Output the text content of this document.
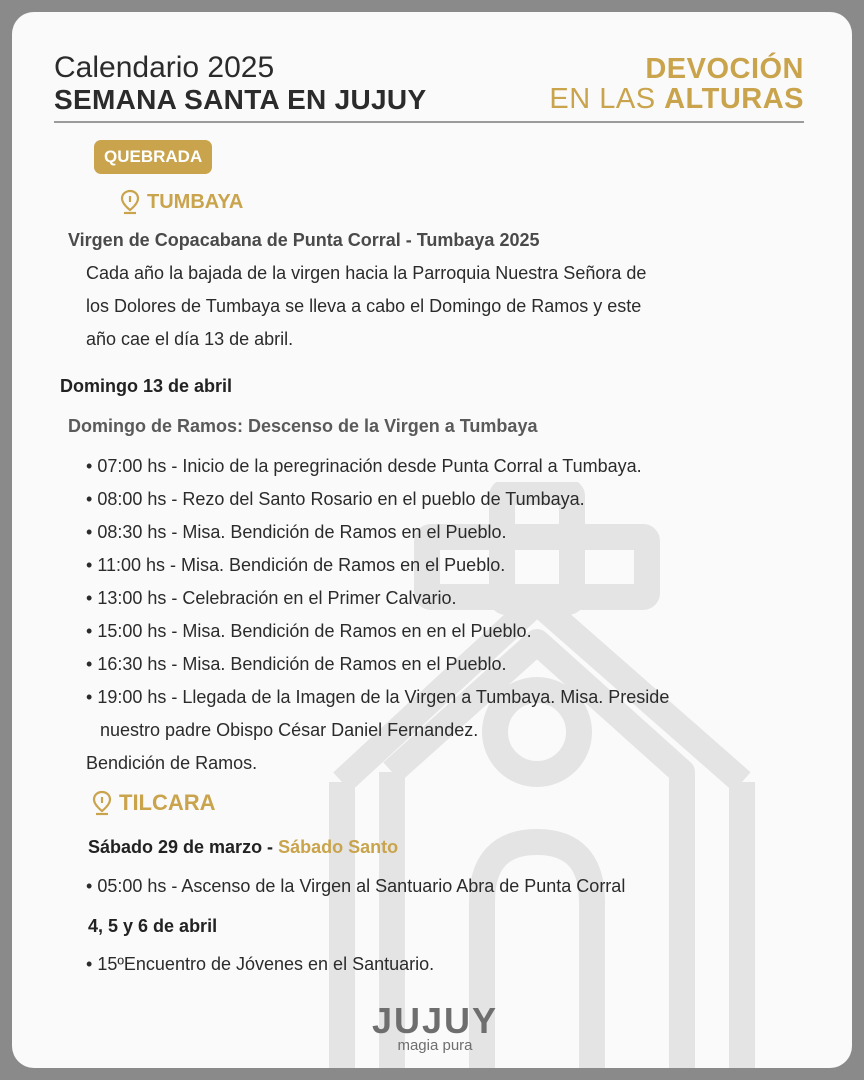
Calendario 2025
SEMANA SANTA EN JUJUY
DEVOCIÓN
EN LAS ALTURAS
QUEBRADA
TUMBAYA
Virgen de Copacabana de Punta Corral - Tumbaya 2025
Cada año la bajada de la virgen hacia la Parroquia Nuestra Señora de
los Dolores de Tumbaya se lleva a cabo el Domingo de Ramos y este
año cae el día 13 de abril.
Domingo 13 de abril
Domingo de Ramos: Descenso de la Virgen a Tumbaya
• 07:00 hs - Inicio de la peregrinación desde Punta Corral a Tumbaya.
• 08:00 hs - Rezo del Santo Rosario en el pueblo de Tumbaya.
• 08:30 hs - Misa. Bendición de Ramos en el Pueblo.
• 11:00 hs - Misa. Bendición de Ramos en el Pueblo.
• 13:00 hs - Celebración en el Primer Calvario.
• 15:00 hs - Misa. Bendición de Ramos en en el Pueblo.
• 16:30 hs - Misa. Bendición de Ramos en el Pueblo.
• 19:00 hs - Llegada de la Imagen de la Virgen a Tumbaya. Misa. Preside
nuestro padre Obispo César Daniel Fernandez.
Bendición de Ramos.
TILCARA
Sábado 29 de marzo - Sábado Santo
• 05:00 hs - Ascenso de la Virgen al Santuario Abra de Punta Corral
4, 5 y 6 de abril
• 15ºEncuentro de Jóvenes en el Santuario.
JUJUY
magia pura
